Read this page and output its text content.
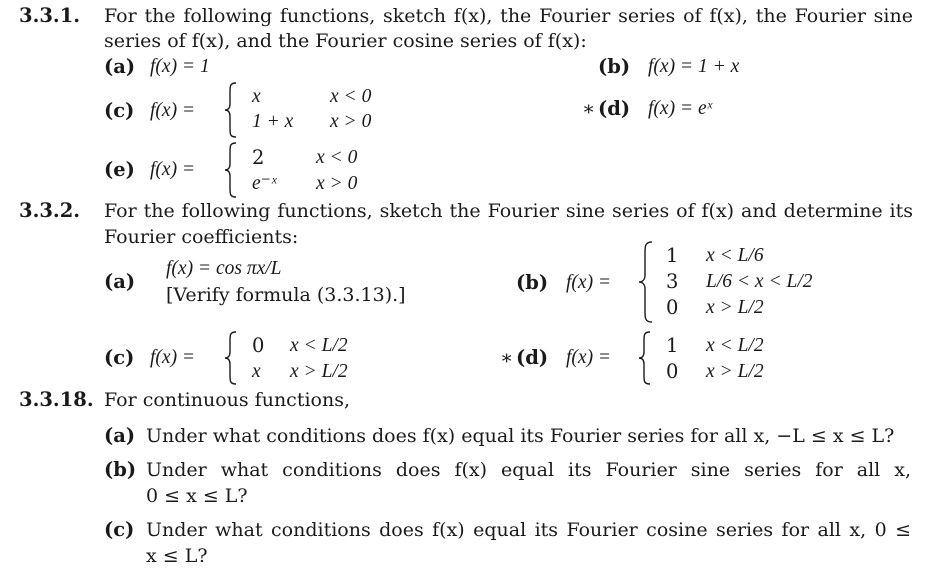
3.3.1. For the following functions, sketch f(x), the Fourier series of f(x), the Fourier sine
series of f(x), and the Fourier cosine series of f(x):
(a) f(x) = 1	(b) f(x) = 1 + x
(c) f(x) =
x	x < 0
1 + x x > 0
∗ (d) f(x) = eˣ
(e) f(x) =
2	x < 0
e⁻ˣ x > 0
3.3.2. For the following functions, sketch the Fourier sine series of f(x) and determine its
Fourier coefficients:
(a)
f(x) = cos πx/L
[Verify formula (3.3.13).]
(b) f(x) =
1 x < L/6
3 L/6 < x < L/2
0 x > L/2
(c) f(x) =
0 x < L/2
x x > L/2
∗ (d) f(x) =
1 x < L/2
0 x > L/2
3.3.18. For continuous functions,
(a) Under what conditions does f(x) equal its Fourier series for all x, −L ≤ x ≤ L?
(b) Under what conditions does f(x) equal its Fourier sine series for all x,
0 ≤ x ≤ L?
(c) Under what conditions does f(x) equal its Fourier cosine series for all x, 0 ≤
x ≤ L?
